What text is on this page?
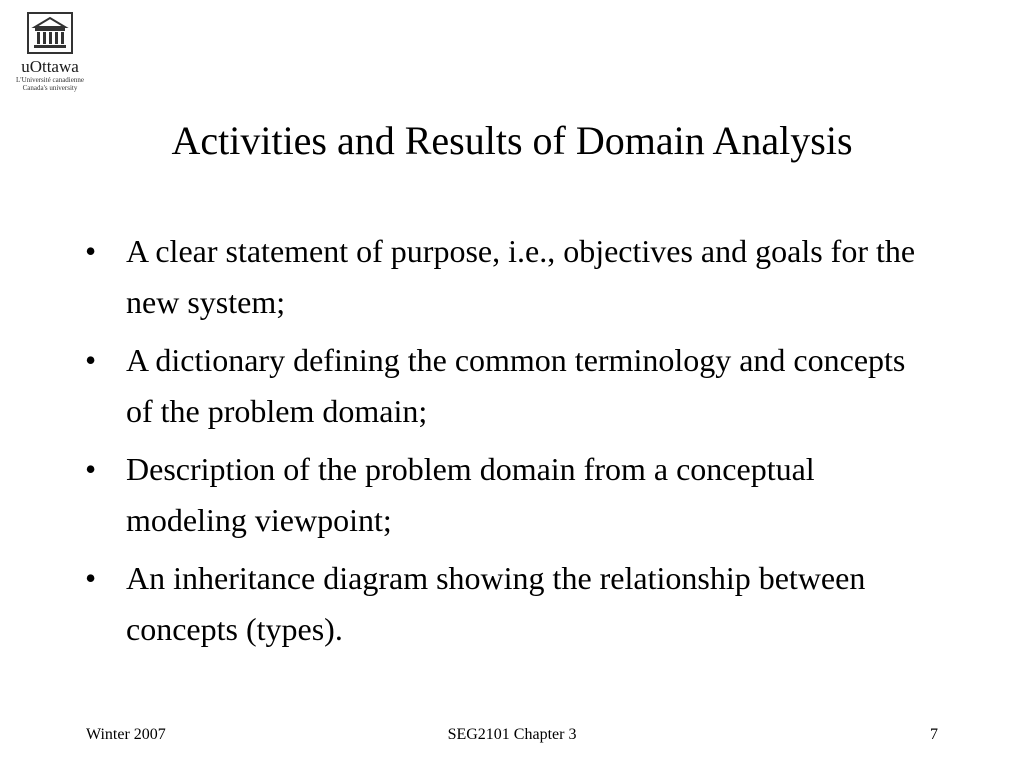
uOttawa
L'Université canadienne
Canada's university
Activities and Results of Domain Analysis
• A clear statement of purpose, i.e., objectives and goals for the new system;
• A dictionary defining the common terminology and concepts of the problem domain;
• Description of the problem domain from a conceptual modeling viewpoint;
• An inheritance diagram showing the relationship between concepts (types).
Winter 2007	SEG2101 Chapter 3	7
